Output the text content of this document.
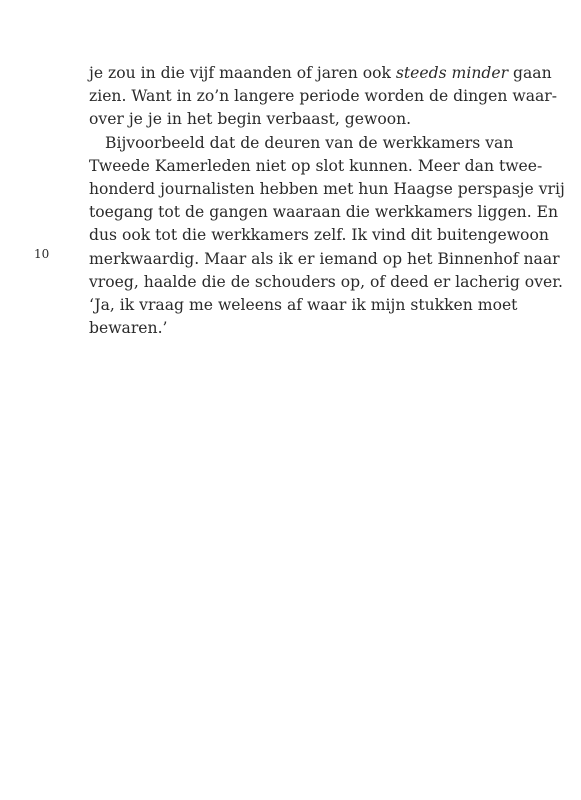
10
je zou in die vijf maanden of jaren ook steeds minder gaan
zien. Want in zo’n langere periode worden de dingen waar-
over je je in het begin verbaast, gewoon.
Bijvoorbeeld dat de deuren van de werkkamers van
Tweede Kamerleden niet op slot kunnen. Meer dan twee-
honderd journalisten hebben met hun Haagse perspasje vrij
toegang tot de gangen waaraan die werkkamers liggen. En
dus ook tot die werkkamers zelf. Ik vind dit buitengewoon
merkwaardig. Maar als ik er iemand op het Binnenhof naar
vroeg, haalde die de schouders op, of deed er lacherig over.
‘Ja, ik vraag me weleens af waar ik mijn stukken moet
bewaren.’
